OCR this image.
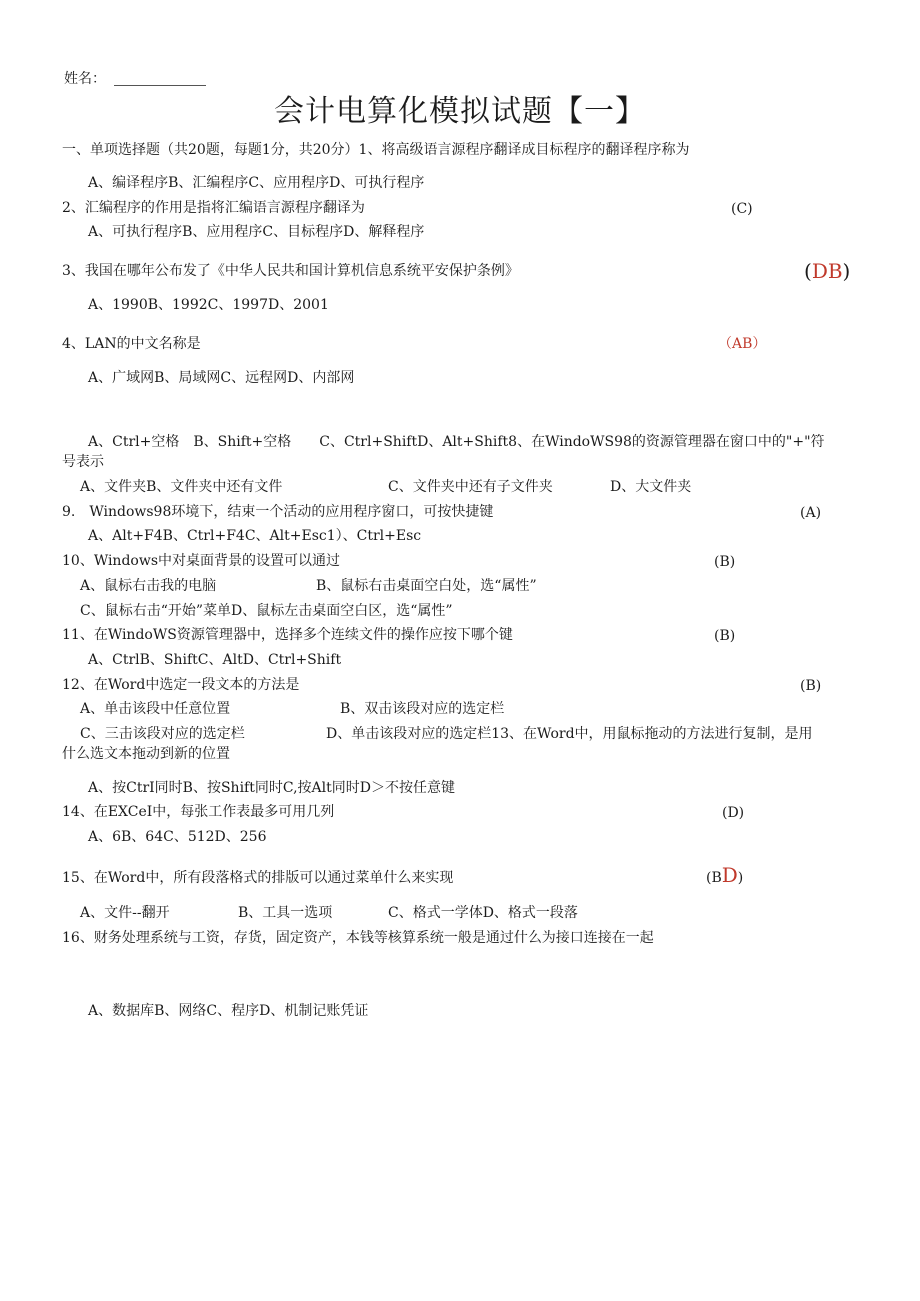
姓名：
会计电算化模拟试题【一】
一、单项选择题（共20题，每题1分，共20分）1、将高级语言源程序翻译成目标程序的翻译程序称为
A、编译程序B、汇编程序C、应用程序D、可执行程序
2、汇编程序的作用是指将汇编语言源程序翻译为	(C)
A、可执行程序B、应用程序C、目标程序D、解释程序
3、我国在哪年公布发了《中华人民共和国计算机信息系统平安保护条例》	(DB)
A、1990B、1992C、1997D、2001
4、LAN的中文名称是	（AB）
A、广域网B、局域网C、远程网D、内部网
A、Ctrl+空格　B、Shift+空格　　C、Ctrl+ShiftD、Alt+Shift8、在WindoWS98的资源管理器在窗口中的"+"符
号表示
A、文件夹B、文件夹中还有文件	C、文件夹中还有子文件夹	D、大文件夹
9.　Windows98环境下，结束一个活动的应用程序窗口，可按快捷键	(A)
A、Alt+F4B、Ctrl+F4C、Alt+Esc1）、Ctrl+Esc
10、Windows中对桌面背景的设置可以通过	(B)
A、鼠标右击我的电脑	B、鼠标右击桌面空白处，选“属性”
C、鼠标右击“开始”菜单D、鼠标左击桌面空白区，选“属性”
11、在WindoWS资源管理器中，选择多个连续文件的操作应按下哪个键	(B)
A、CtrlB、ShiftC、AltD、Ctrl+Shift
12、在Word中选定一段文本的方法是	(B)
A、单击该段中任意位置	B、双击该段对应的选定栏
C、三击该段对应的选定栏	D、单击该段对应的选定栏13、在Word中，用鼠标拖动的方法进行复制，是用
什么选文本拖动到新的位置
A、按CtrI同时B、按Shift同时C,按Alt同时D＞不按任意键
14、在EXCeI中，每张工作表最多可用几列	(D)
A、6B、64C、512D、256
15、在Word中，所有段落格式的排版可以通过菜单什么来实现	(BD)
A、文件--翻开	B、工具一选项	C、格式一学体D、格式一段落
16、财务处理系统与工资，存货，固定资产，本钱等核算系统一般是通过什么为接口连接在一起
A、数据库B、网络C、程序D、机制记账凭证
